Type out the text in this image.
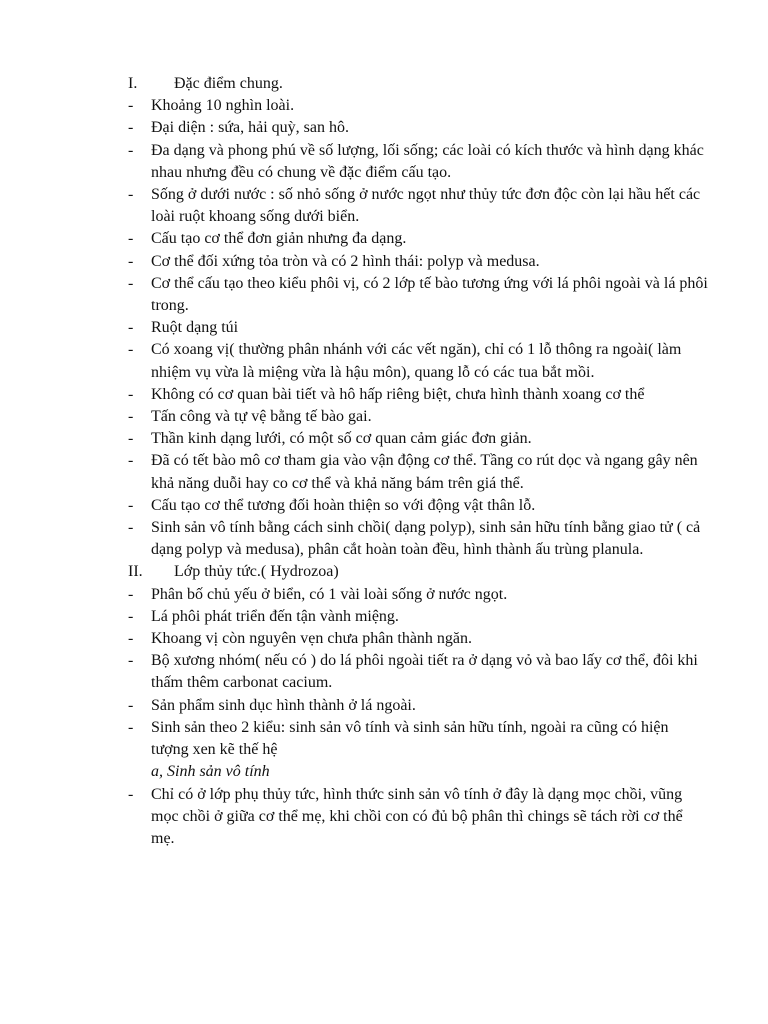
I.	Đặc điểm chung.
- Khoảng 10 nghìn loài.
- Đại diện : sứa, hải quỳ, san hô.
- Đa dạng và phong phú về số lượng, lối sống; các loài có kích thước và hình dạng khác nhau nhưng đều có chung về đặc điểm cấu tạo.
- Sống ở dưới nước : số nhỏ sống ở nước ngọt như thủy tức đơn độc còn lại hầu hết các loài ruột khoang sống dưới biển.
- Cấu tạo cơ thể đơn giản nhưng đa dạng.
- Cơ thể đối xứng tỏa tròn và có 2 hình thái: polyp và medusa.
- Cơ thể cấu tạo theo kiểu phôi vị, có 2 lớp tế bào tương ứng với lá phôi ngoài và lá phôi trong.
- Ruột dạng túi
- Có xoang vị( thường phân nhánh với các vết ngăn), chỉ có 1 lỗ thông ra ngoài( làm nhiệm vụ vừa là miệng vừa là hậu môn), quang lỗ có các tua bắt mồi.
- Không có cơ quan bài tiết và hô hấp riêng biệt, chưa hình thành xoang cơ thể
- Tấn công và tự vệ bằng tế bào gai.
- Thần kinh dạng lưới, có một số cơ quan cảm giác đơn giản.
- Đã có tết bào mô cơ tham gia vào vận động cơ thể. Tầng co rút dọc và ngang gây nên khả năng duỗi hay co cơ thể và khả năng bám trên giá thể.
- Cấu tạo cơ thể tương đối hoàn thiện so với động vật thân lỗ.
- Sinh sản vô tính bằng cách sinh chồi( dạng polyp), sinh sản hữu tính bằng giao tử ( cả dạng polyp và medusa), phân cắt hoàn toàn đều, hình thành ấu trùng planula.
II.	Lớp thủy tức.( Hydrozoa)
- Phân bố chủ yếu ở biển, có 1 vài loài sống ở nước ngọt.
- Lá phôi phát triển đến tận vành miệng.
- Khoang vị còn nguyên vẹn chưa phân thành ngăn.
- Bộ xương nhóm( nếu có ) do lá phôi ngoài tiết ra ở dạng vỏ và bao lấy cơ thể, đôi khi thấm thêm carbonat cacium.
- Sản phẩm sinh dục hình thành ở lá ngoài.
- Sinh sản theo 2 kiểu: sinh sản vô tính và sinh sản hữu tính, ngoài ra cũng có hiện tượng xen kẽ thế hệ
a, Sinh sản vô tính
- Chỉ có ở lớp phụ thủy tức, hình thức sinh sản vô tính ở đây là dạng mọc chồi, vũng mọc chồi ở giữa cơ thể mẹ, khi chồi con có đủ bộ phân thì chings sẽ tách rời cơ thể mẹ.
